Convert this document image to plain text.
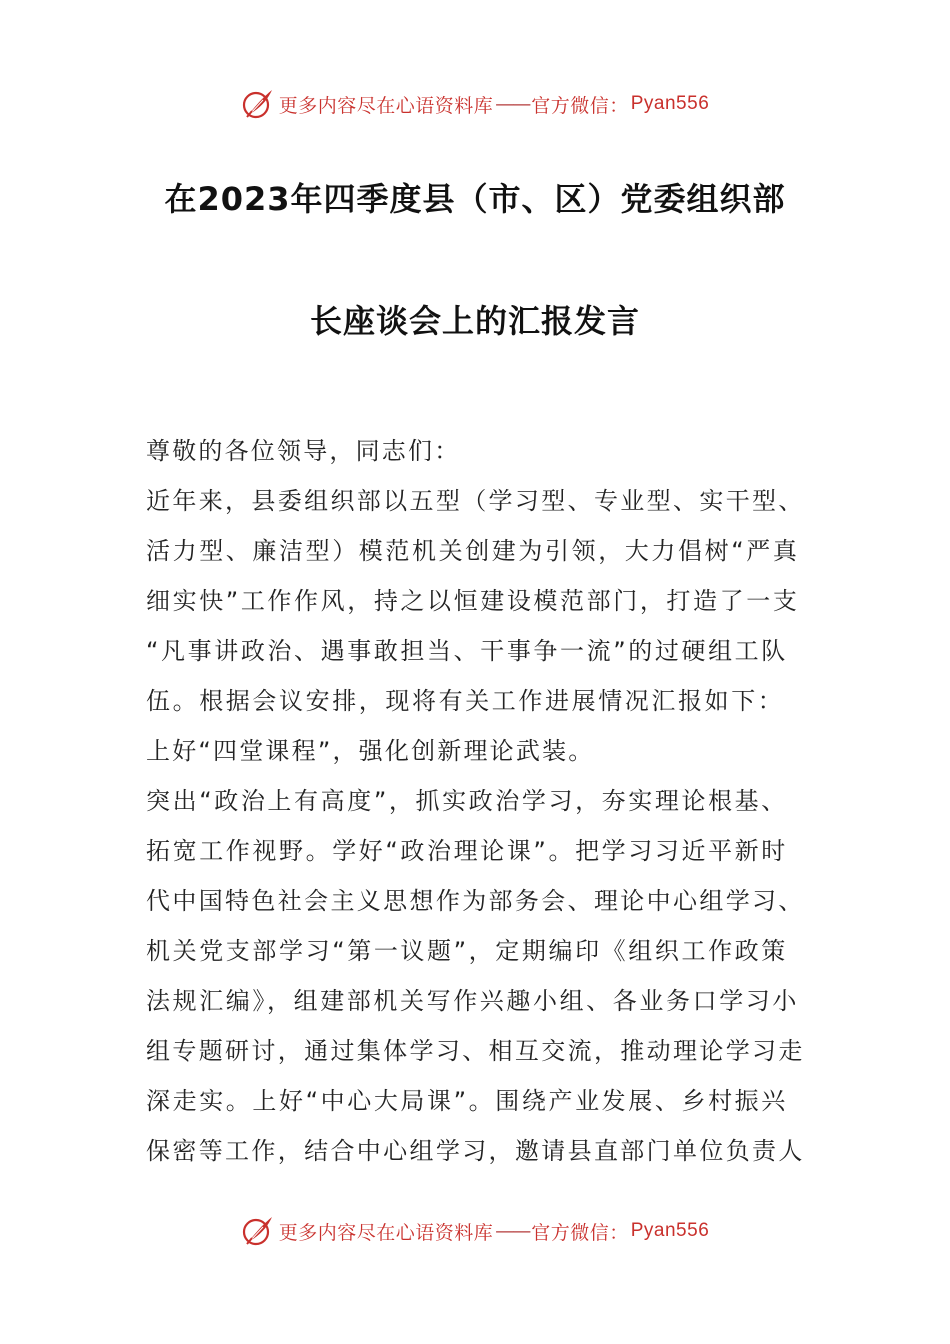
更多内容尽在心语资料库 —— 官方微信： Pyan556
在2023年四季度县（市、区）党委组织部
长座谈会上的汇报发言
尊敬的各位领导，同志们：
近年来，县委组织部以五型（学习型、专业型、实干型、
活力型、廉洁型）模范机关创建为引领，大力倡树“严真
细实快”工作作风，持之以恒建设模范部门，打造了一支
“凡事讲政治、遇事敢担当、干事争一流”的过硬组工队
伍。根据会议安排，现将有关工作进展情况汇报如下：
上好“四堂课程”，强化创新理论武装。
突出“政治上有高度”，抓实政治学习，夯实理论根基、
拓宽工作视野。学好“政治理论课”。把学习习近平新时
代中国特色社会主义思想作为部务会、理论中心组学习、
机关党支部学习“第一议题”，定期编印《组织工作政策
法规汇编》，组建部机关写作兴趣小组、各业务口学习小
组专题研讨，通过集体学习、相互交流，推动理论学习走
深走实。上好“中心大局课”。围绕产业发展、乡村振兴
保密等工作，结合中心组学习，邀请县直部门单位负责人
更多内容尽在心语资料库 —— 官方微信： Pyan556
